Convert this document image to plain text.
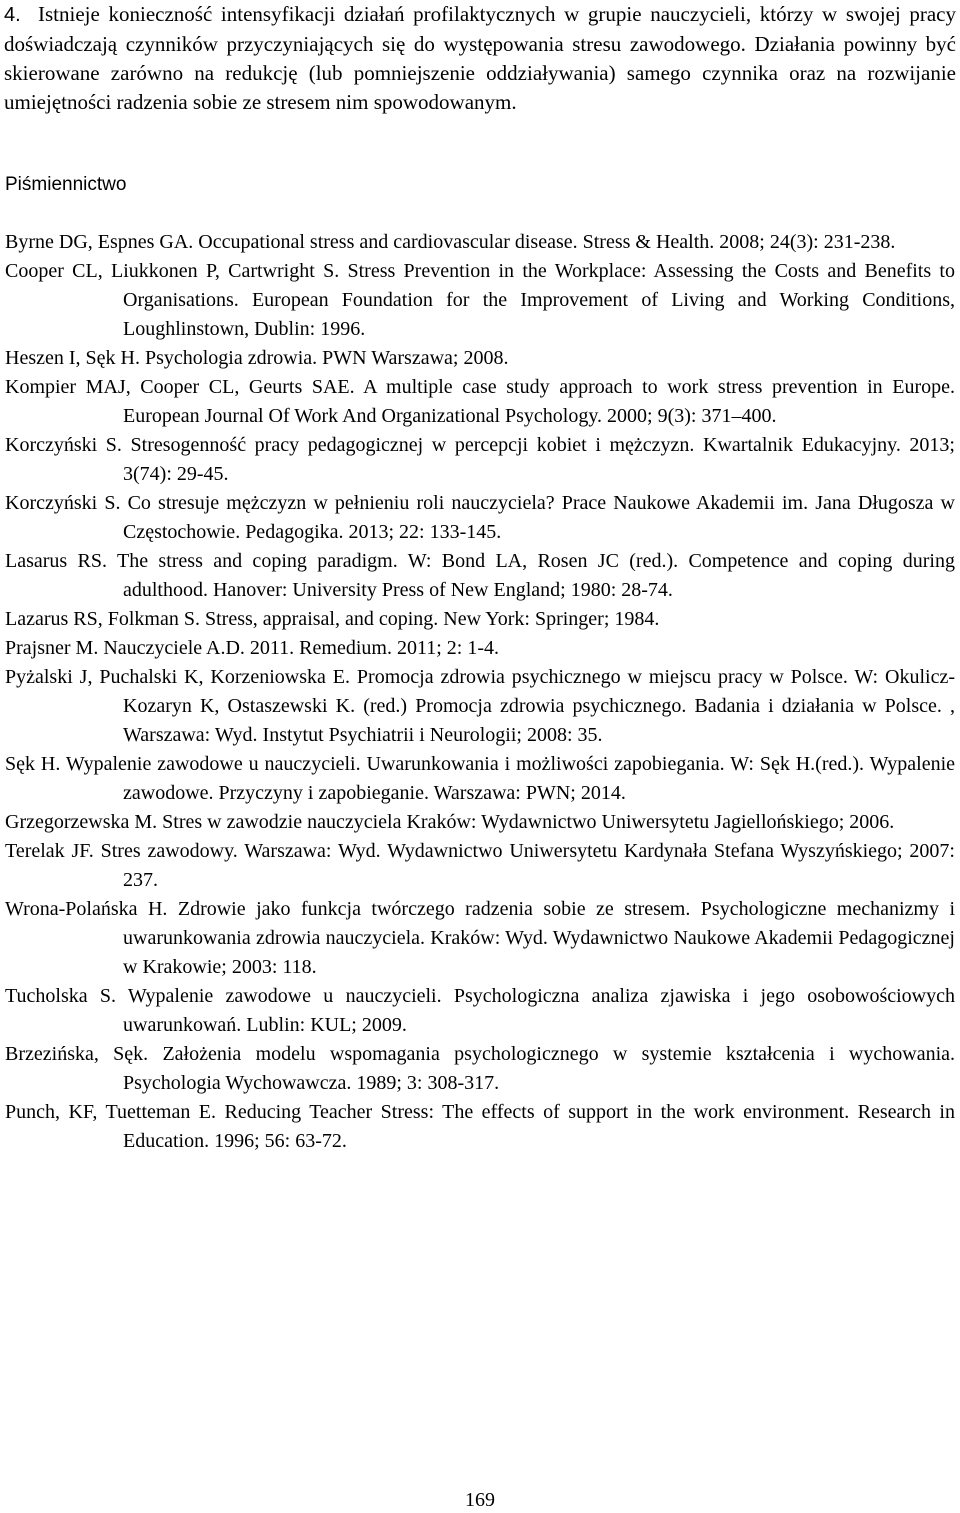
4. Istnieje konieczność intensyfikacji działań profilaktycznych w grupie nauczycieli, którzy w swojej pracy doświadczają czynników przyczyniających się do występowania stresu zawodowego. Działania powinny być skierowane zarówno na redukcję (lub pomniejszenie oddziaływania) samego czynnika oraz na rozwijanie umiejętności radzenia sobie ze stresem nim spowodowanym.

Piśmiennictwo

Byrne DG, Espnes GA. Occupational stress and cardiovascular disease. Stress & Health. 2008; 24(3): 231-238.
Cooper CL, Liukkonen P, Cartwright S. Stress Prevention in the Workplace: Assessing the Costs and Benefits to Organisations. European Foundation for the Improvement of Living and Working Conditions, Loughlinstown, Dublin: 1996.
Heszen I, Sęk H. Psychologia zdrowia. PWN Warszawa; 2008.
Kompier MAJ, Cooper CL, Geurts SAE. A multiple case study approach to work stress prevention in Europe. European Journal Of Work And Organizational Psychology. 2000; 9(3): 371–400.
Korczyński S. Stresogenność pracy pedagogicznej w percepcji kobiet i mężczyzn. Kwartalnik Edukacyjny. 2013; 3(74): 29-45.
Korczyński S. Co stresuje mężczyzn w pełnieniu roli nauczyciela? Prace Naukowe Akademii im. Jana Długosza w Częstochowie. Pedagogika. 2013; 22: 133-145.
Lasarus RS. The stress and coping paradigm. W: Bond LA, Rosen JC (red.). Competence and coping during adulthood. Hanover: University Press of New England; 1980: 28-74.
Lazarus RS, Folkman S. Stress, appraisal, and coping. New York: Springer; 1984.
Prajsner M. Nauczyciele A.D. 2011. Remedium. 2011; 2: 1-4.
Pyżalski J, Puchalski K, Korzeniowska E. Promocja zdrowia psychicznego w miejscu pracy w Polsce. W: Okulicz-Kozaryn K, Ostaszewski K. (red.) Promocja zdrowia psychicznego. Badania i działania w Polsce. , Warszawa: Wyd. Instytut Psychiatrii i Neurologii; 2008: 35.
Sęk H. Wypalenie zawodowe u nauczycieli. Uwarunkowania i możliwości zapobiegania. W: Sęk H.(red.). Wypalenie zawodowe. Przyczyny i zapobieganie. Warszawa: PWN; 2014.
Grzegorzewska M. Stres w zawodzie nauczyciela Kraków: Wydawnictwo Uniwersytetu Jagiellońskiego; 2006.
Terelak JF. Stres zawodowy. Warszawa: Wyd. Wydawnictwo Uniwersytetu Kardynała Stefana Wyszyńskiego; 2007: 237.
Wrona-Polańska H. Zdrowie jako funkcja twórczego radzenia sobie ze stresem. Psychologiczne mechanizmy i uwarunkowania zdrowia nauczyciela. Kraków: Wyd. Wydawnictwo Naukowe Akademii Pedagogicznej w Krakowie; 2003: 118.
Tucholska S. Wypalenie zawodowe u nauczycieli. Psychologiczna analiza zjawiska i jego osobowościowych uwarunkowań. Lublin: KUL; 2009.
Brzezińska, Sęk. Założenia modelu wspomagania psychologicznego w systemie kształcenia i wychowania. Psychologia Wychowawcza. 1989; 3: 308-317.
Punch, KF, Tuetteman E. Reducing Teacher Stress: The effects of support in the work environment. Research in Education. 1996; 56: 63-72.

169
